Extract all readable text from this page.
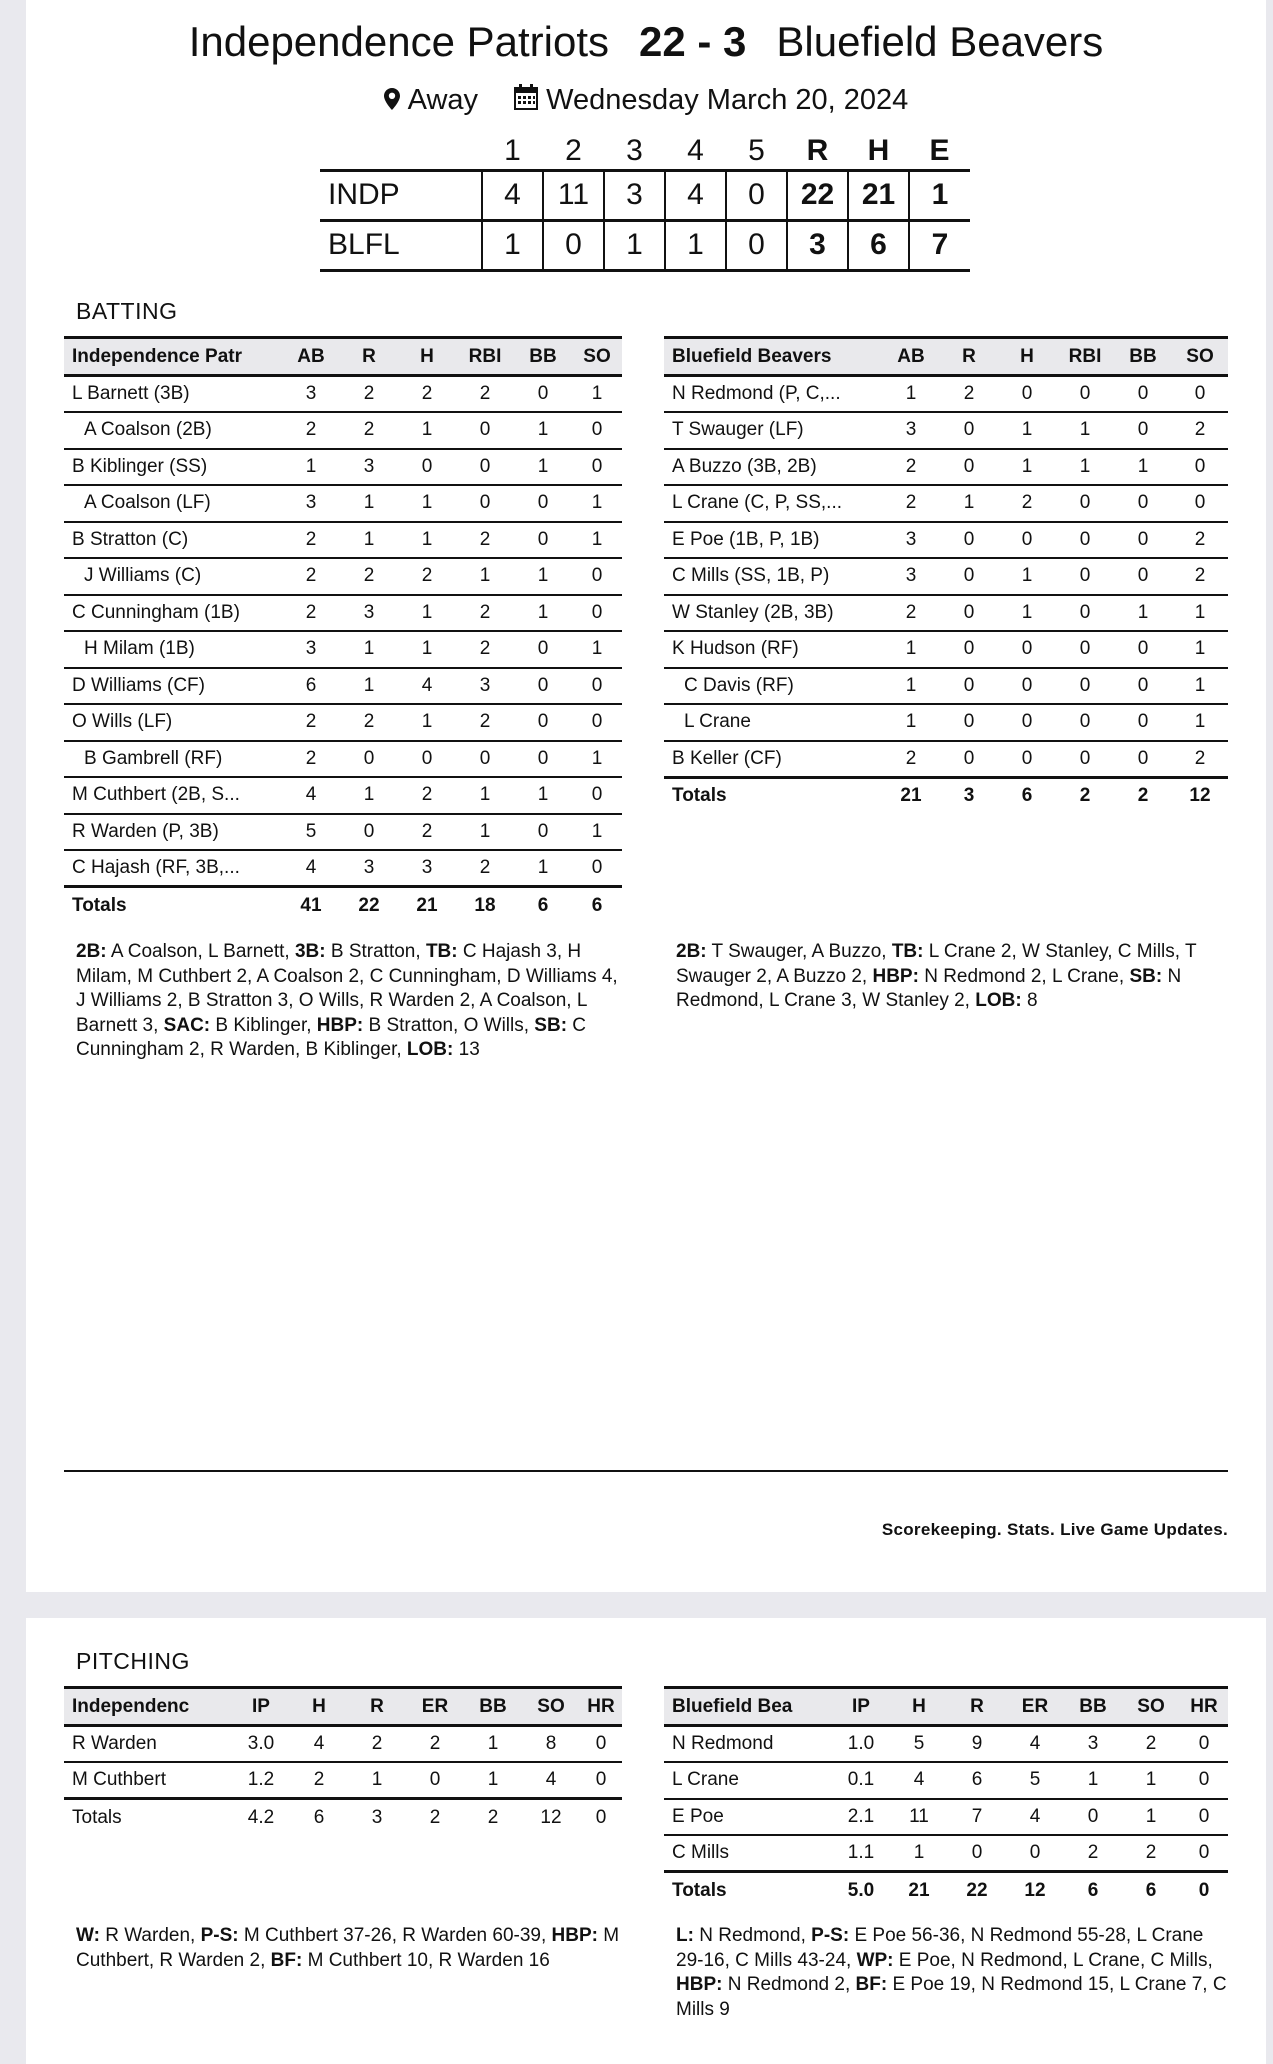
Independence Patriots 22 - 3 Bluefield Beavers
Away Wednesday March 20, 2024
	1	2	3	4	5	R	H	E
INDP	4	11	3	4	0	22	21	1
BLFL	1	0	1	1	0	3	6	7
BATTING
Independence Patr	AB	R	H	RBI	BB	SO
L Barnett (3B)	3	2	2	2	0	1
A Coalson (2B)	2	2	1	0	1	0
B Kiblinger (SS)	1	3	0	0	1	0
A Coalson (LF)	3	1	1	0	0	1
B Stratton (C)	2	1	1	2	0	1
J Williams (C)	2	2	2	1	1	0
C Cunningham (1B)	2	3	1	2	1	0
H Milam (1B)	3	1	1	2	0	1
D Williams (CF)	6	1	4	3	0	0
O Wills (LF)	2	2	1	2	0	0
B Gambrell (RF)	2	0	0	0	0	1
M Cuthbert (2B, S...	4	1	2	1	1	0
R Warden (P, 3B)	5	0	2	1	0	1
C Hajash (RF, 3B,...	4	3	3	2	1	0
Totals	41	22	21	18	6	6
Bluefield Beavers	AB	R	H	RBI	BB	SO
N Redmond (P, C,...	1	2	0	0	0	0
T Swauger (LF)	3	0	1	1	0	2
A Buzzo (3B, 2B)	2	0	1	1	1	0
L Crane (C, P, SS,...	2	1	2	0	0	0
E Poe (1B, P, 1B)	3	0	0	0	0	2
C Mills (SS, 1B, P)	3	0	1	0	0	2
W Stanley (2B, 3B)	2	0	1	0	1	1
K Hudson (RF)	1	0	0	0	0	1
C Davis (RF)	1	0	0	0	0	1
L Crane	1	0	0	0	0	1
B Keller (CF)	2	0	0	0	0	2
Totals	21	3	6	2	2	12
2B: A Coalson, L Barnett, 3B: B Stratton, TB: C Hajash 3, H Milam, M Cuthbert 2, A Coalson 2, C Cunningham, D Williams 4, J Williams 2, B Stratton 3, O Wills, R Warden 2, A Coalson, L Barnett 3, SAC: B Kiblinger, HBP: B Stratton, O Wills, SB: C Cunningham 2, R Warden, B Kiblinger, LOB: 13
2B: T Swauger, A Buzzo, TB: L Crane 2, W Stanley, C Mills, T Swauger 2, A Buzzo 2, HBP: N Redmond 2, L Crane, SB: N Redmond, L Crane 3, W Stanley 2, LOB: 8
Scorekeeping. Stats. Live Game Updates.
PITCHING
Independenc	IP	H	R	ER	BB	SO	HR
R Warden	3.0	4	2	2	1	8	0
M Cuthbert	1.2	2	1	0	1	4	0
Totals	4.2	6	3	2	2	12	0
Bluefield Bea	IP	H	R	ER	BB	SO	HR
N Redmond	1.0	5	9	4	3	2	0
L Crane	0.1	4	6	5	1	1	0
E Poe	2.1	11	7	4	0	1	0
C Mills	1.1	1	0	0	2	2	0
Totals	5.0	21	22	12	6	6	0
W: R Warden, P-S: M Cuthbert 37-26, R Warden 60-39, HBP: M Cuthbert, R Warden 2, BF: M Cuthbert 10, R Warden 16
L: N Redmond, P-S: E Poe 56-36, N Redmond 55-28, L Crane 29-16, C Mills 43-24, WP: E Poe, N Redmond, L Crane, C Mills, HBP: N Redmond 2, BF: E Poe 19, N Redmond 15, L Crane 7, C Mills 9
